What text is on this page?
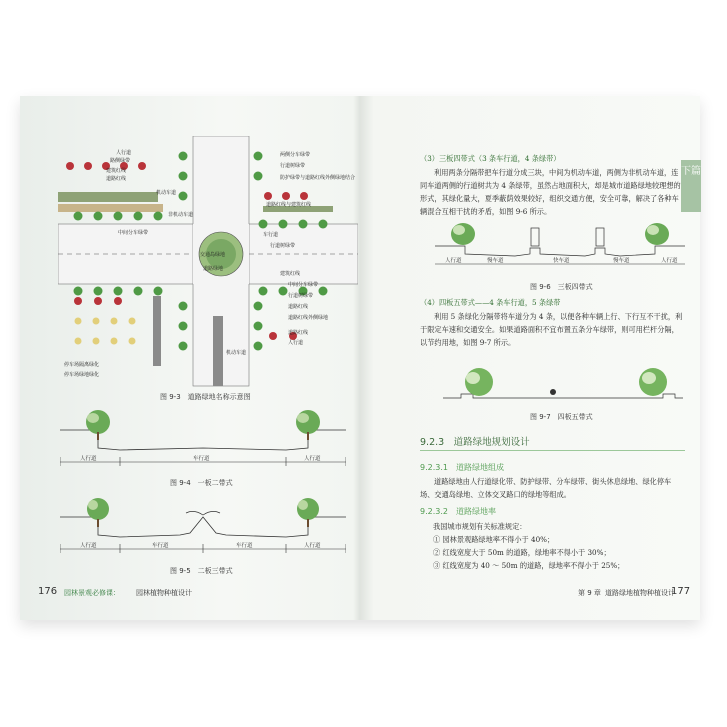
人行道
路侧绿带
建筑红线
道路红线
中间分车绿带
机动车道
非机动车道
两侧分车绿带
行道树绿带
防护绿带与道路红线外侧绿地结合
道路红线与建筑红线
车行道
行道树绿带
道路绿地
交通岛绿地
建筑红线
中间分车绿带
行道树绿带
道路红线
道路红线外侧绿地
机动车道
道路红线
人行道
停车场隔离绿化
停车场绿地绿化
图 9-3　道路绿地名称示意图
人行道	车行道	人行道
图 9-4　一板二带式
人行道	车行道	车行道	人行道
图 9-5　二板三带式
176 园林景观必修课： 园林植物种植设计
（3）三板四带式（3 条车行道，4 条绿带）
利用两条分隔带把车行道分成三块，中间为机动车道，两侧为非机动车道，连同车道两侧的行道树共为 4 条绿带，虽然占地面积大，却是城市道路绿地较理想的形式，其绿化量大，夏季蔽荫效果较好，组织交通方便，安全可靠，解决了各种车辆混合互相干扰的矛盾，如图 9-6 所示。
人行道	慢车道	快车道	慢车道	人行道
图 9-6　三板四带式
（4）四板五带式——4 条车行道，5 条绿带
利用 5 条绿化分隔带将车道分为 4 条，以便各种车辆上行、下行互不干扰，利于限定车速和交通安全。如果道路面积不宜布置五条分车绿带，则可用栏杆分隔，以节约用地，如图 9-7 所示。
图 9-7　四板五带式
9.2.3　道路绿地规划设计
9.2.3.1　道路绿地组成
道路绿地由人行道绿化带、防护绿带、分车绿带、街头休息绿地、绿化停车场、交通岛绿地、立体交叉路口的绿地等组成。
9.2.3.2　道路绿地率
我国城市规划有关标准规定：
① 园林景观路绿地率不得小于 40%；
② 红线宽度大于 50m 的道路，绿地率不得小于 30%；
③ 红线宽度为 40 ～ 50m 的道路，绿地率不得小于 25%；
第 9 章 道路绿地植物种植设计
177
下篇
